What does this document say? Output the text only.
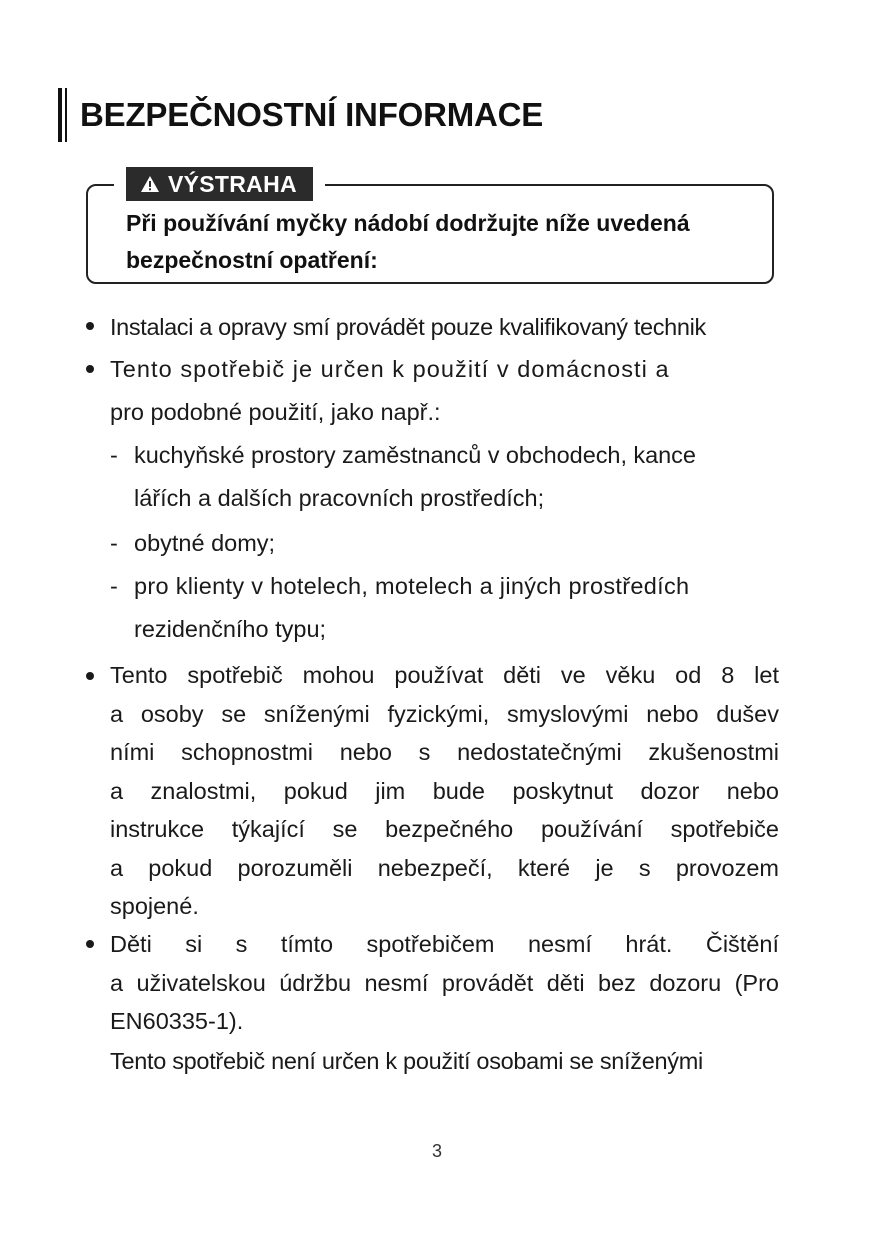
BEZPEČNOSTNÍ INFORMACE
VÝSTRAHA
Při používání myčky nádobí dodržujte níže uvedená
bezpečnostní opatření:
Instalaci a opravy smí provádět pouze kvalifikovaný technik
Tento spotřebič je určen k použití v domácnosti a
pro podobné použití, jako např.:
- kuchyňské prostory zaměstnanců v obchodech, kance
lářích a dalších pracovních prostředích;
- obytné domy;
- pro klienty v hotelech, motelech a jiných prostředích
rezidenčního typu;
Tento spotřebič mohou používat děti ve věku od 8 let
a osoby se sníženými fyzickými, smyslovými nebo dušev
ními schopnostmi nebo s nedostatečnými zkušenostmi
a znalostmi, pokud jim bude poskytnut dozor nebo
instrukce týkající se bezpečného používání spotřebiče
a pokud porozuměli nebezpečí, které je s provozem
spojené.
Děti si s tímto spotřebičem nesmí hrát. Čištění
a uživatelskou údržbu nesmí provádět děti bez dozoru (Pro
EN60335-1).
Tento spotřebič není určen k použití osobami se sníženými
3
